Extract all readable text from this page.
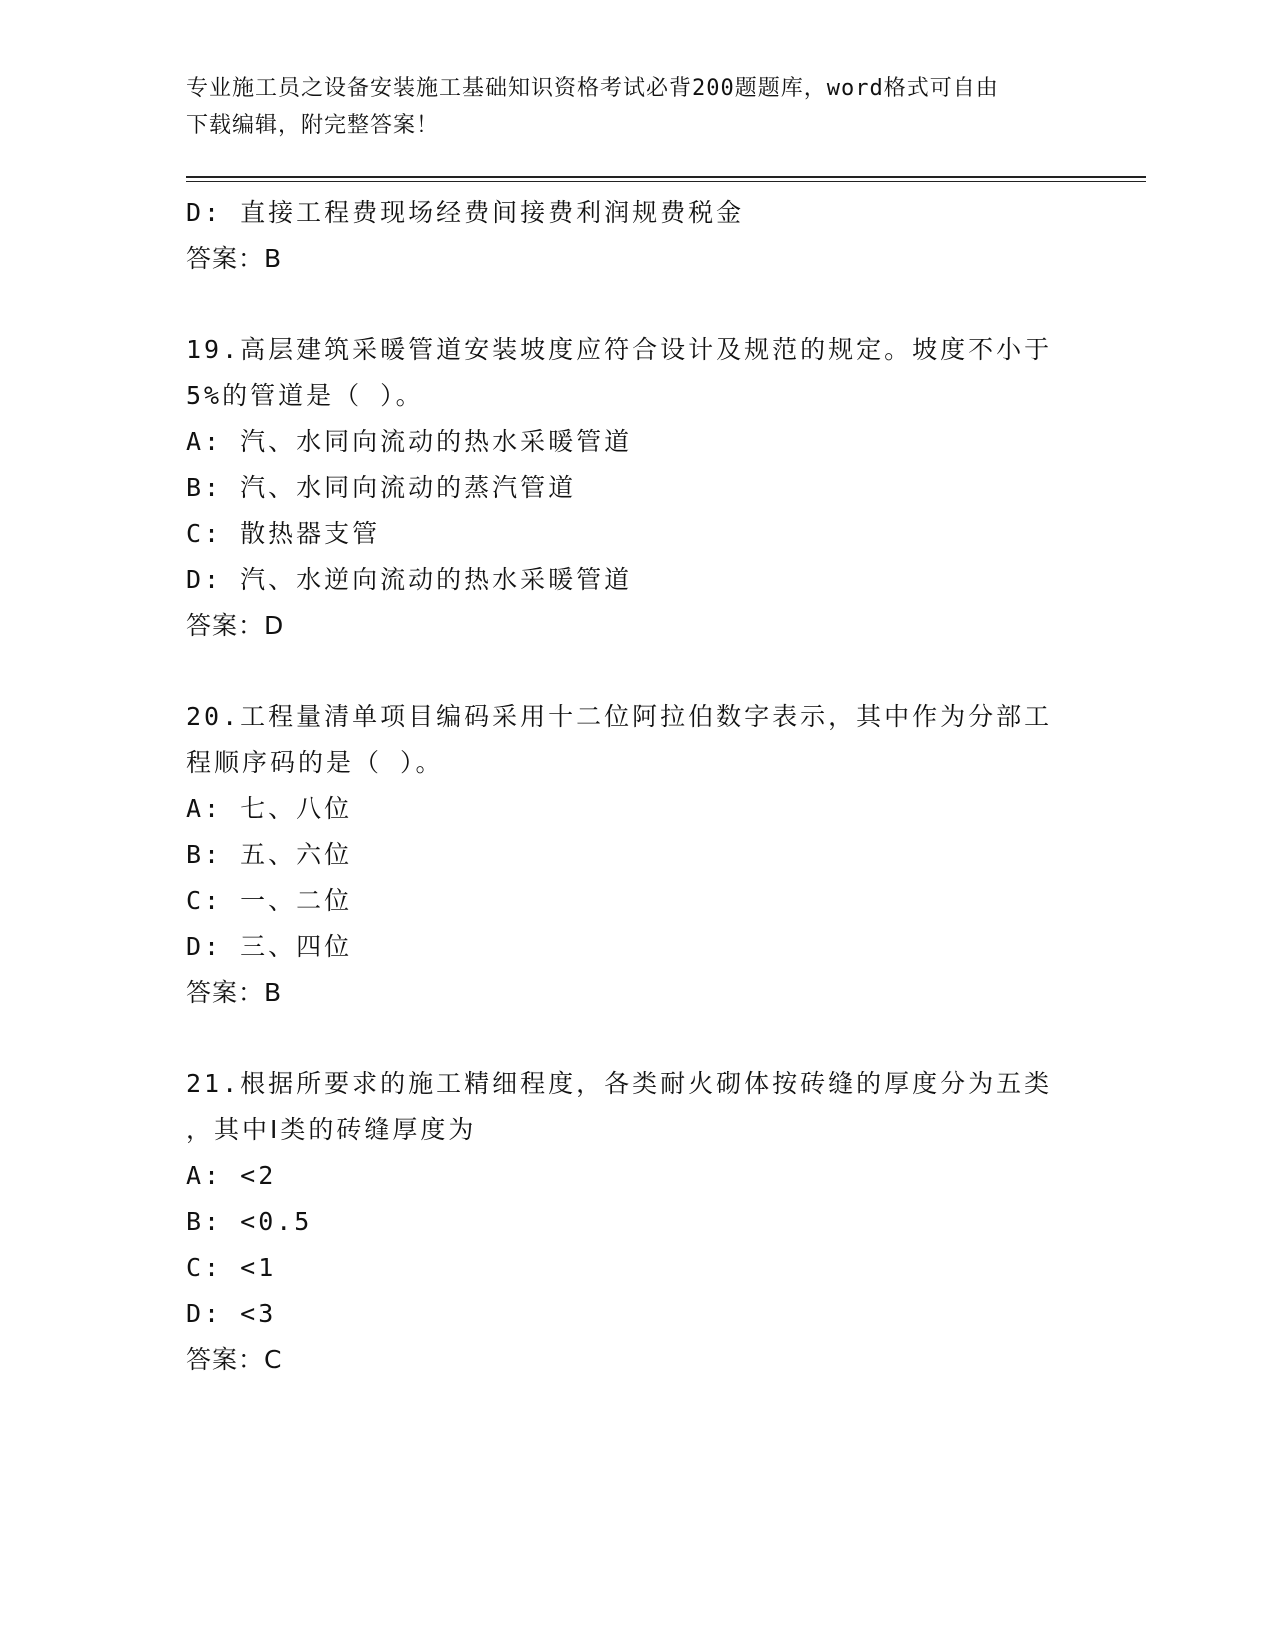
专业施工员之设备安装施工基础知识资格考试必背200题题库，word格式可自由
下载编辑，附完整答案！
D: 直接工程费现场经费间接费利润规费税金
答案：B
19.高层建筑采暖管道安装坡度应符合设计及规范的规定。坡度不小于
5%的管道是（ ）。
A: 汽、水同向流动的热水采暖管道
B: 汽、水同向流动的蒸汽管道
C: 散热器支管
D: 汽、水逆向流动的热水采暖管道
答案：D
20.工程量清单项目编码采用十二位阿拉伯数字表示，其中作为分部工
程顺序码的是（ ）。
A: 七、八位
B: 五、六位
C: 一、二位
D: 三、四位
答案：B
21.根据所要求的施工精细程度，各类耐火砌体按砖缝的厚度分为五类
，其中Ⅰ类的砖缝厚度为
A: <2
B: <0.5
C: <1
D: <3
答案：C
